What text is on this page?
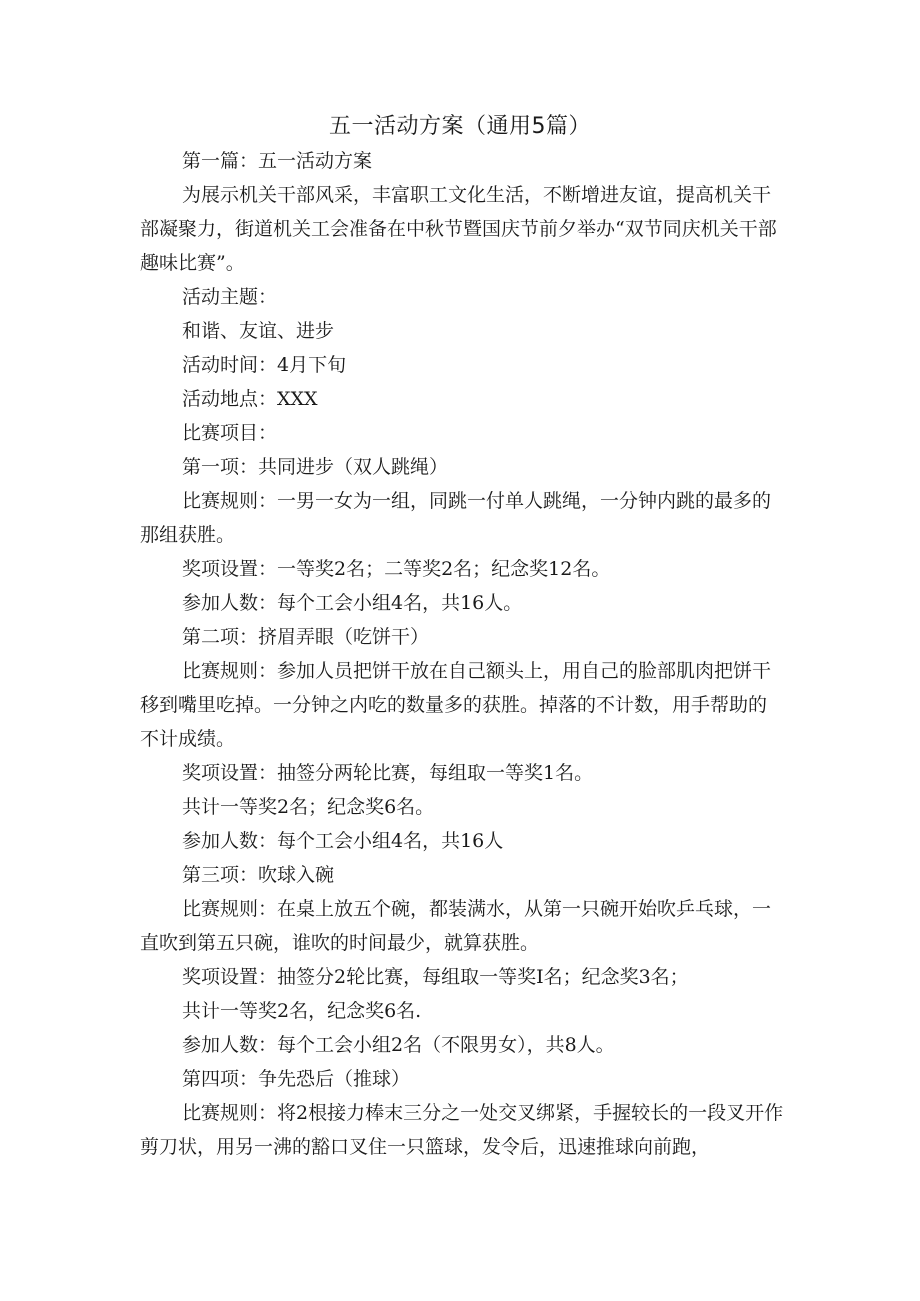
五一活动方案（通用5篇）

第一篇：五一活动方案

为展示机关干部风采，丰富职工文化生活，不断增进友谊，提高机关干部凝聚力，街道机关工会准备在中秋节暨国庆节前夕举办“双节同庆机关干部趣味比赛”。

活动主题：

和谐、友谊、进步

活动时间：4月下旬

活动地点：XXX

比赛项目：

第一项：共同进步（双人跳绳）

比赛规则：一男一女为一组，同跳一付单人跳绳，一分钟内跳的最多的那组获胜。

奖项设置：一等奖2名；二等奖2名；纪念奖12名。

参加人数：每个工会小组4名，共16人。

第二项：挤眉弄眼（吃饼干）

比赛规则：参加人员把饼干放在自己额头上，用自己的脸部肌肉把饼干移到嘴里吃掉。一分钟之内吃的数量多的获胜。掉落的不计数，用手帮助的不计成绩。

奖项设置：抽签分两轮比赛，每组取一等奖1名。

共计一等奖2名；纪念奖6名。

参加人数：每个工会小组4名，共16人

第三项：吹球入碗

比赛规则：在桌上放五个碗，都装满水，从第一只碗开始吹乒乓球，一直吹到第五只碗，谁吹的时间最少，就算获胜。

奖项设置：抽签分2轮比赛，每组取一等奖I名；纪念奖3名；

共计一等奖2名，纪念奖6名.

参加人数：每个工会小组2名（不限男女），共8人。

第四项：争先恐后（推球）

比赛规则：将2根接力棒末三分之一处交叉绑紧，手握较长的一段叉开作剪刀状，用另一沸的豁口叉住一只篮球，发令后，迅速推球向前跑，
